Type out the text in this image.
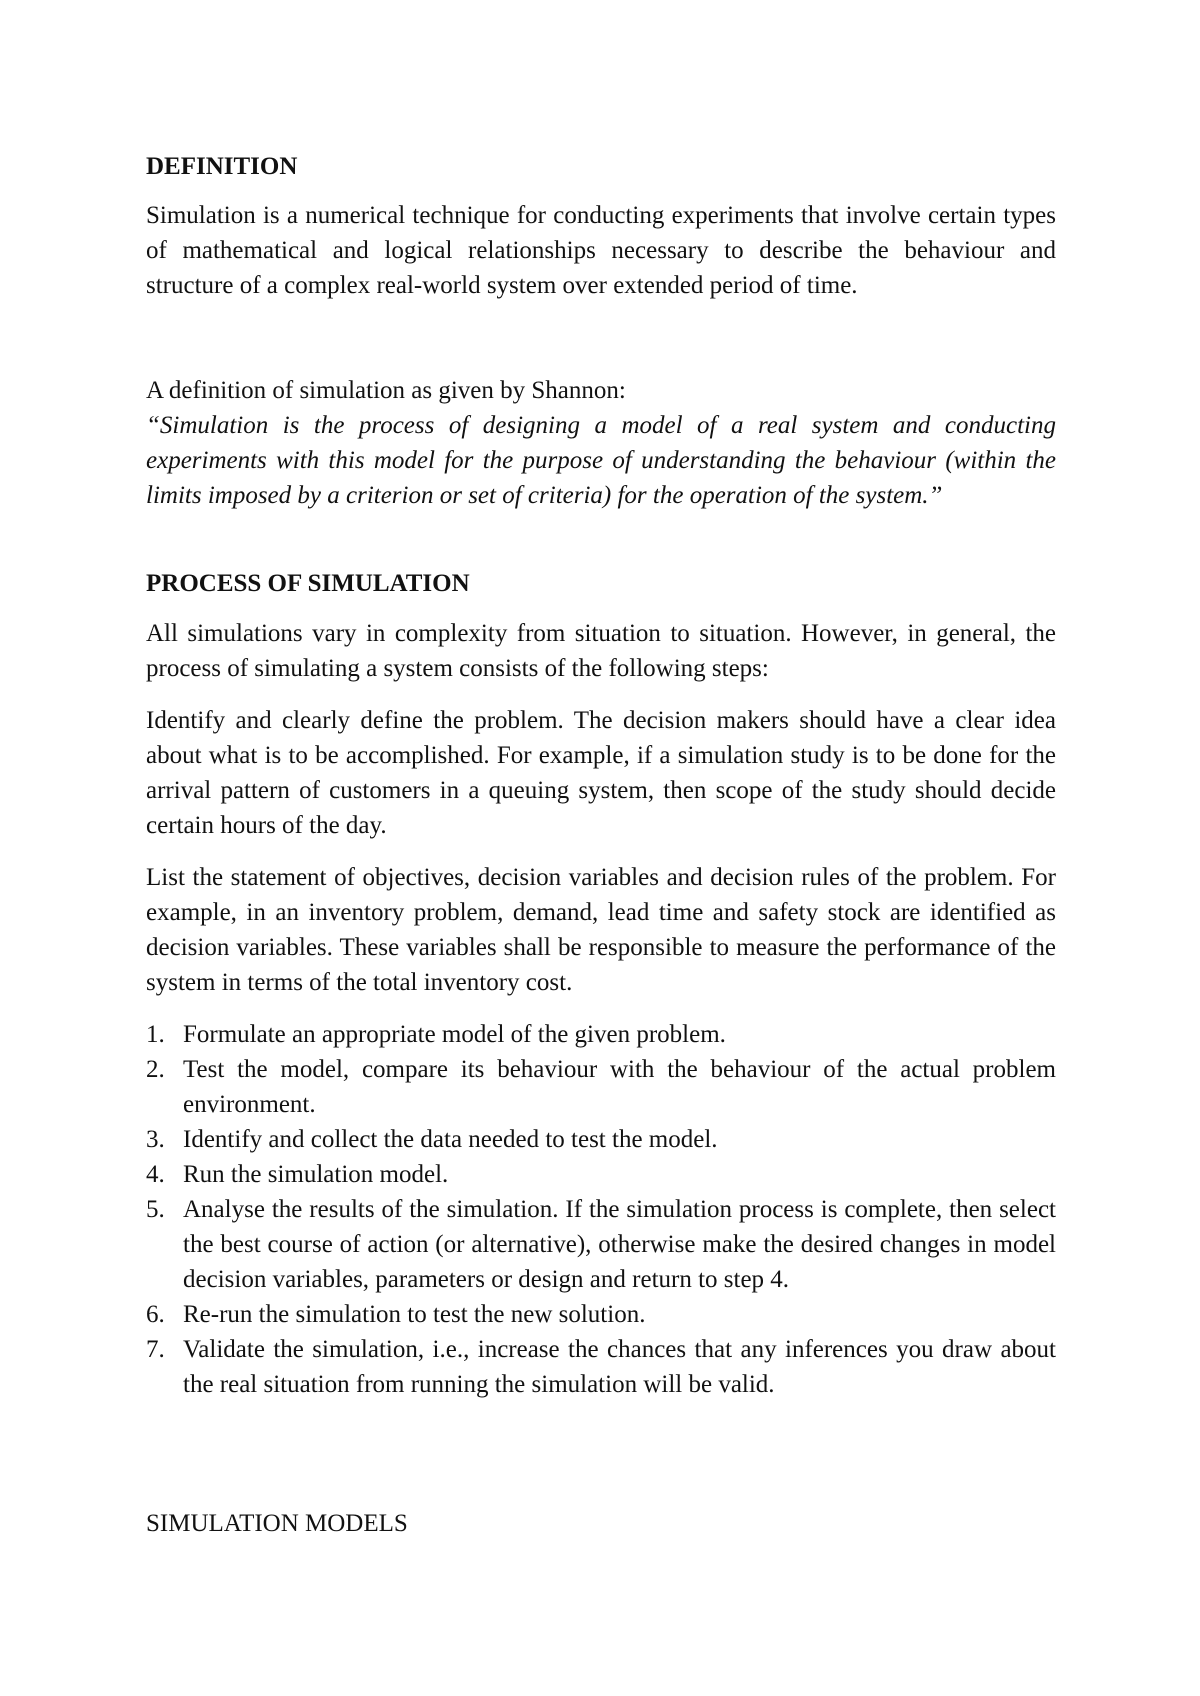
DEFINITION

Simulation is a numerical technique for conducting experiments that involve certain types of mathematical and logical relationships necessary to describe the behaviour and structure of a complex real-world system over extended period of time.

A definition of simulation as given by Shannon:

“Simulation is the process of designing a model of a real system and conducting experiments with this model for the purpose of understanding the behaviour (within the limits imposed by a criterion or set of criteria) for the operation of the system.”

PROCESS OF SIMULATION

All simulations vary in complexity from situation to situation. However, in general, the process of simulating a system consists of the following steps:

Identify and clearly define the problem. The decision makers should have a clear idea about what is to be accomplished. For example, if a simulation study is to be done for the arrival pattern of customers in a queuing system, then scope of the study should decide certain hours of the day.

List the statement of objectives, decision variables and decision rules of the problem. For example, in an inventory problem, demand, lead time and safety stock are identified as decision variables. These variables shall be responsible to measure the performance of the system in terms of the total inventory cost.

1. Formulate an appropriate model of the given problem.
2. Test the model, compare its behaviour with the behaviour of the actual problem environment.
3. Identify and collect the data needed to test the model.
4. Run the simulation model.
5. Analyse the results of the simulation. If the simulation process is complete, then select the best course of action (or alternative), otherwise make the desired changes in model decision variables, parameters or design and return to step 4.
6. Re-run the simulation to test the new solution.
7. Validate the simulation, i.e., increase the chances that any inferences you draw about the real situation from running the simulation will be valid.

SIMULATION MODELS
